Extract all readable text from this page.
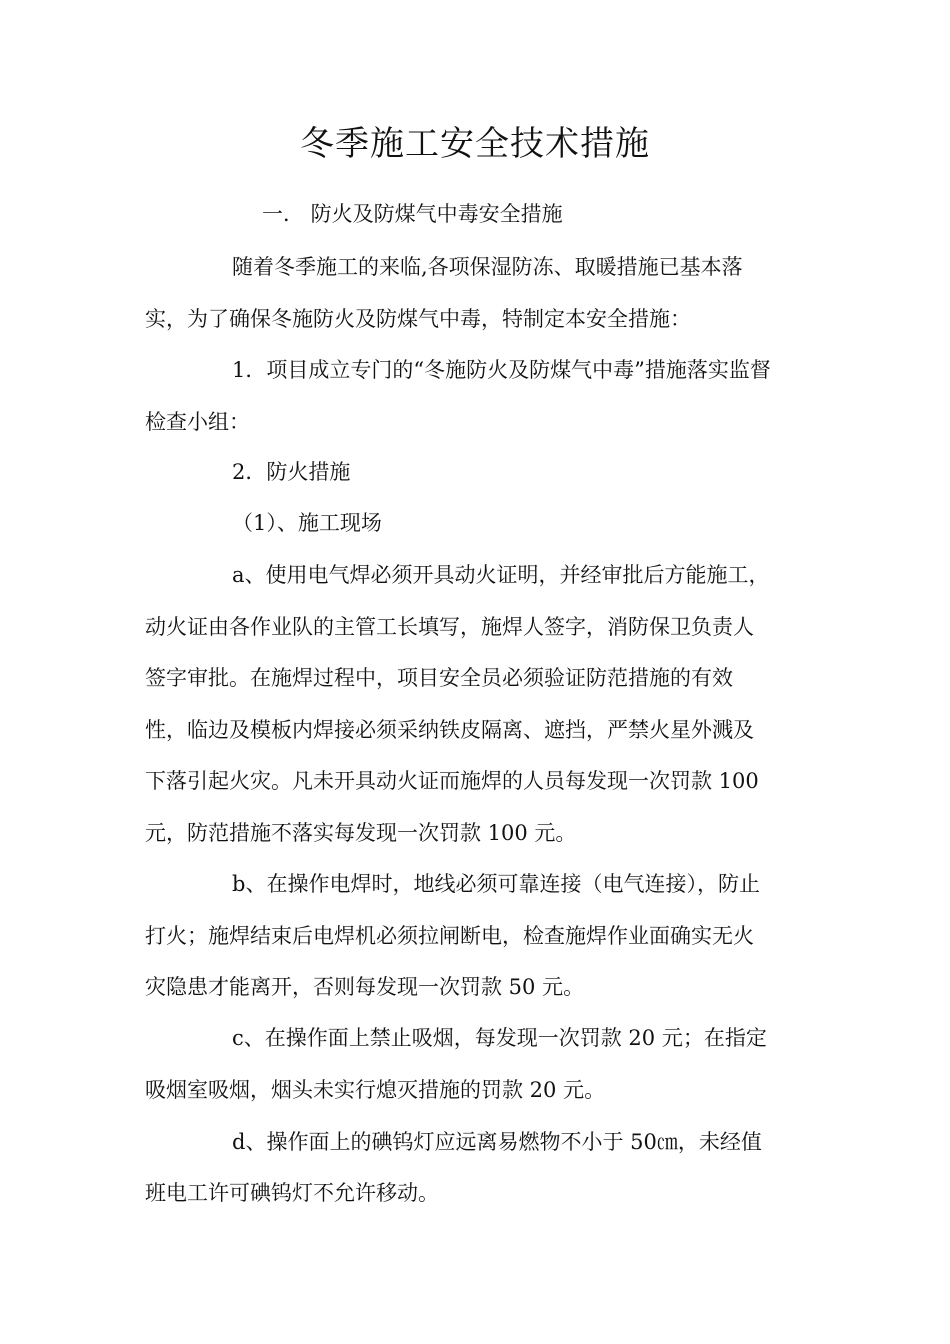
冬季施工安全技术措施
一． 防火及防煤气中毒安全措施
随着冬季施工的来临,各项保湿防冻、取暖措施已基本落
实，为了确保冬施防火及防煤气中毒，特制定本安全措施：
1．项目成立专门的“冬施防火及防煤气中毒”措施落实监督
检查小组：
2．防火措施
（1）、施工现场
a、使用电气焊必须开具动火证明，并经审批后方能施工，
动火证由各作业队的主管工长填写，施焊人签字，消防保卫负责人
签字审批。在施焊过程中，项目安全员必须验证防范措施的有效
性，临边及模板内焊接必须采纳铁皮隔离、遮挡，严禁火星外溅及
下落引起火灾。凡未开具动火证而施焊的人员每发现一次罚款 100
元，防范措施不落实每发现一次罚款 100 元。
b、在操作电焊时，地线必须可靠连接（电气连接），防止
打火；施焊结束后电焊机必须拉闸断电，检查施焊作业面确实无火
灾隐患才能离开，否则每发现一次罚款 50 元。
c、在操作面上禁止吸烟，每发现一次罚款 20 元；在指定
吸烟室吸烟，烟头未实行熄灭措施的罚款 20 元。
d、操作面上的碘钨灯应远离易燃物不小于 50㎝，未经值
班电工许可碘钨灯不允许移动。
